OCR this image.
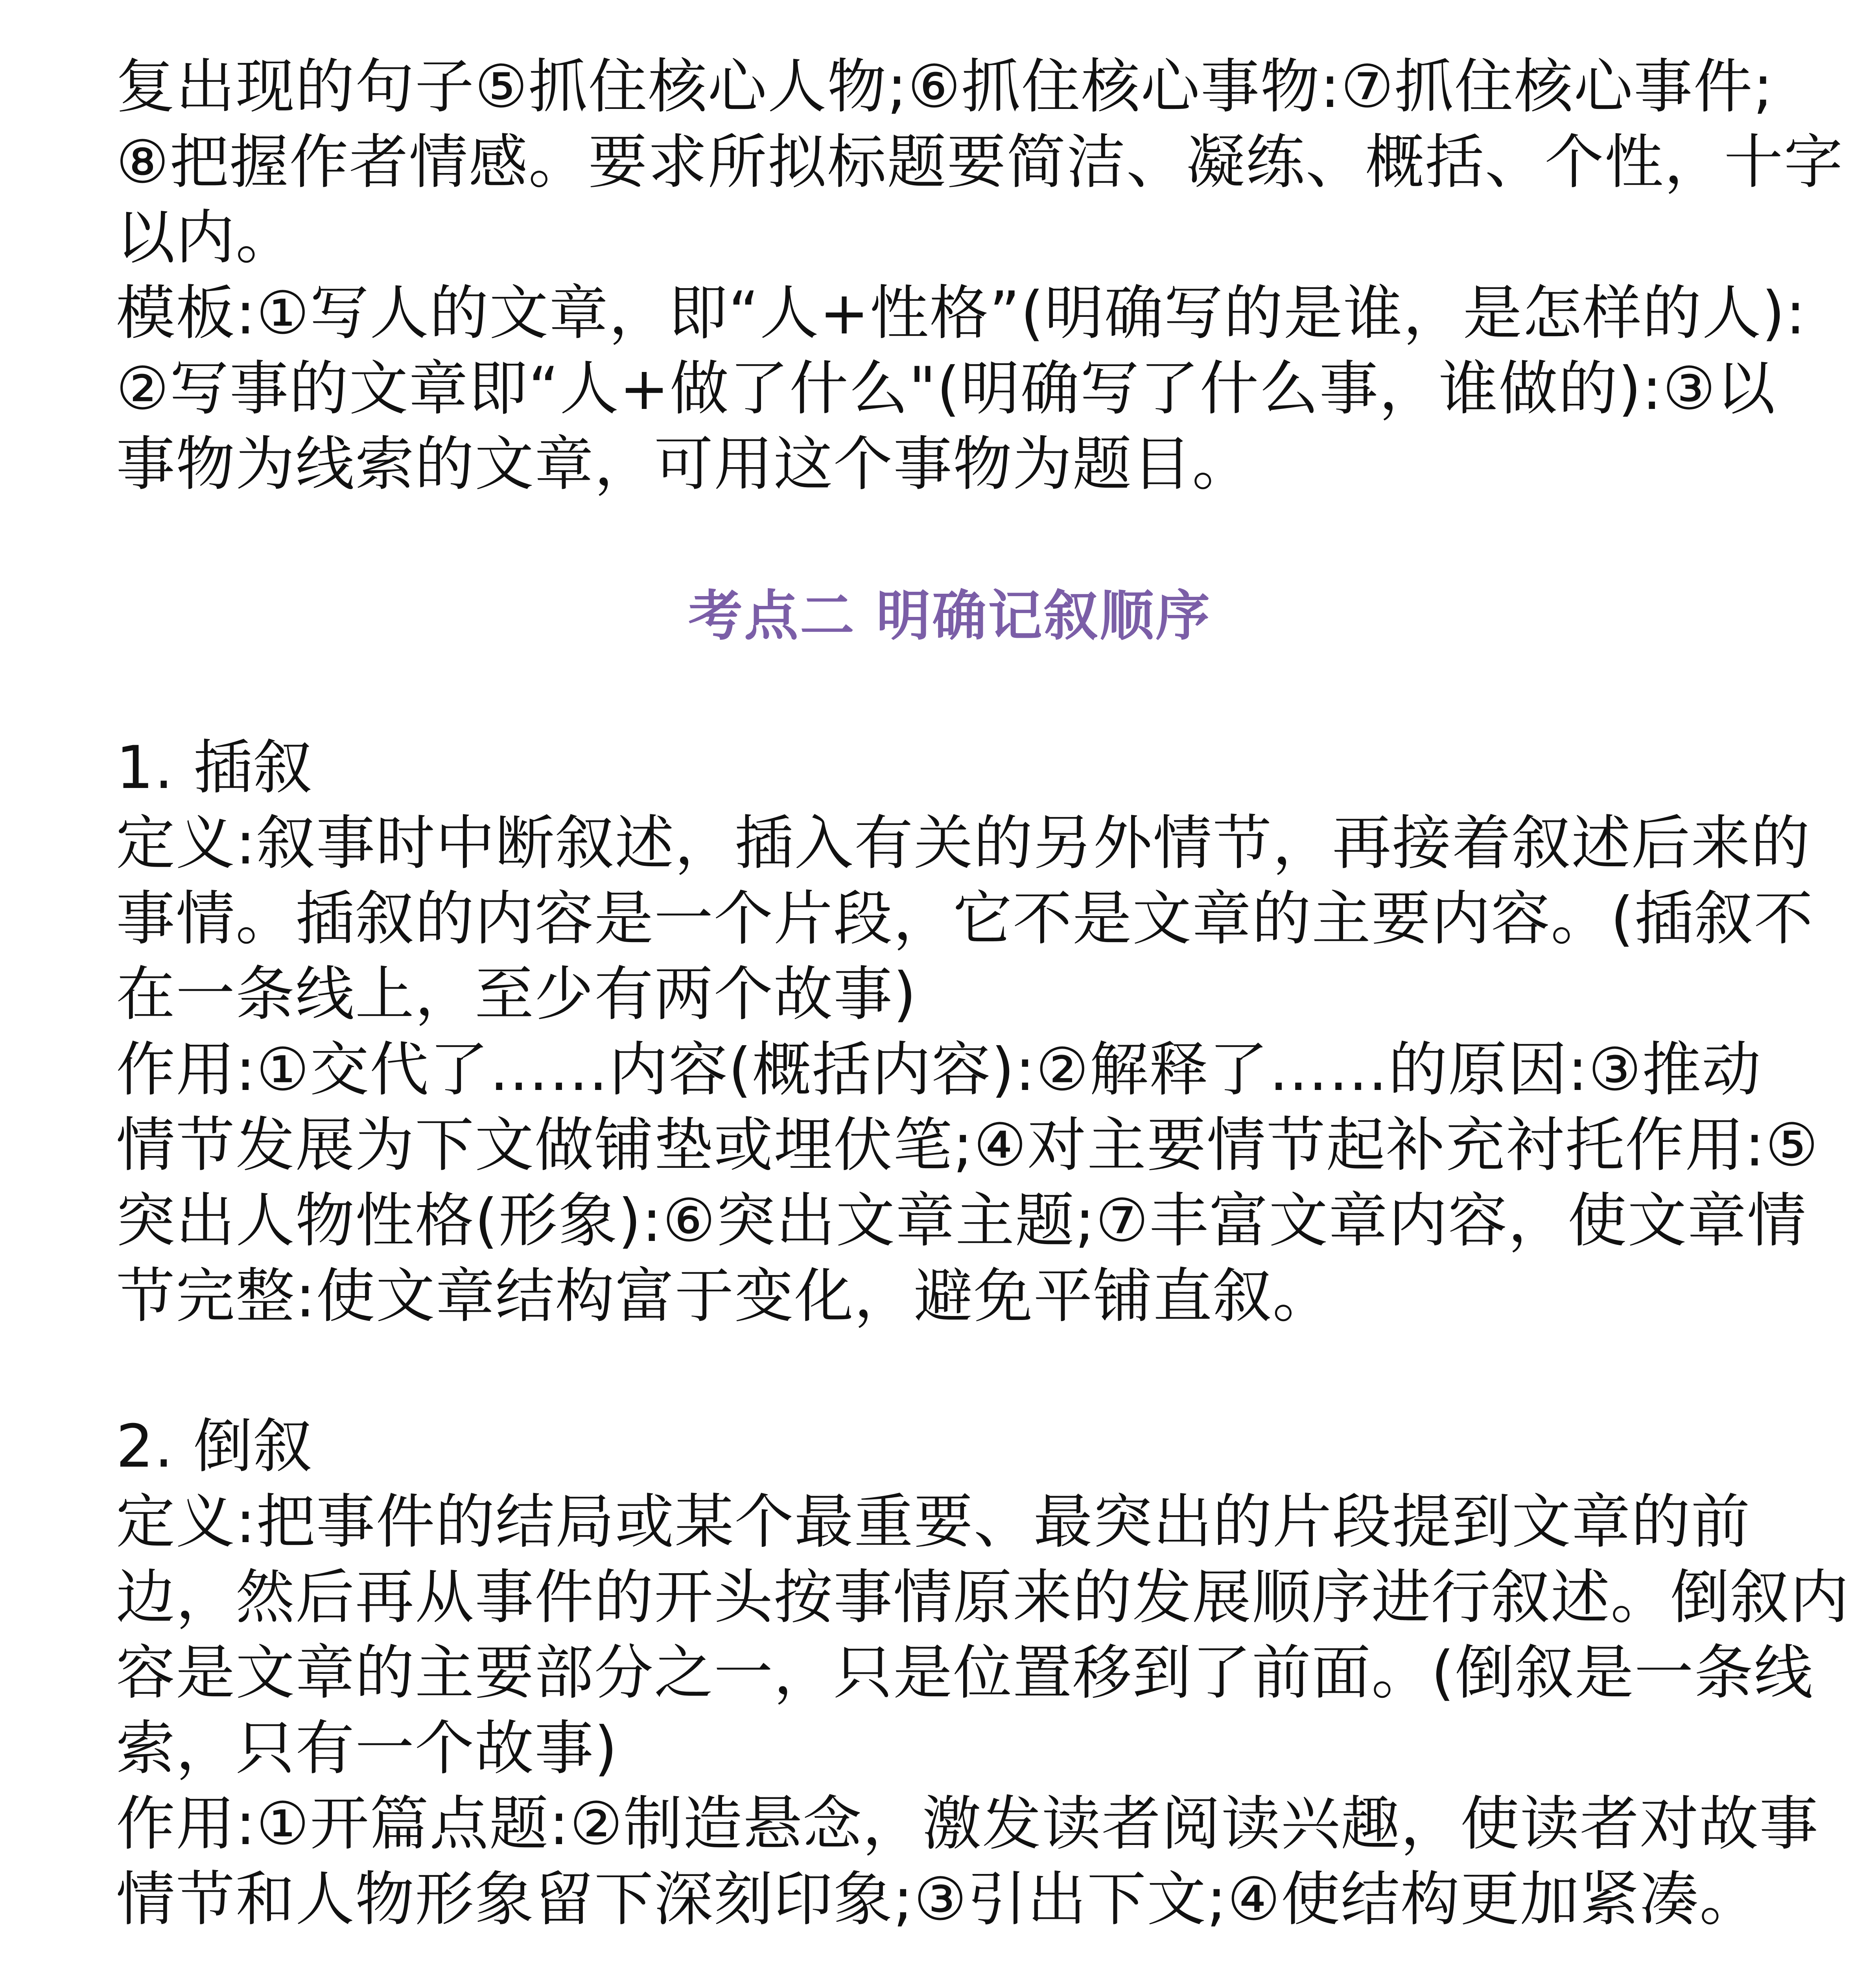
复出现的句子⑤抓住核心人物;⑥抓住核心事物:⑦抓住核心事件;
⑧把握作者情感。要求所拟标题要简洁、凝练、概括、个性，十字
以内。
模板:①写人的文章，即“人+性格”(明确写的是谁，是怎样的人):
②写事的文章即“人+做了什么"(明确写了什么事，谁做的):③以
事物为线索的文章，可用这个事物为题目。
考点二 明确记叙顺序
1. 插叙
定义:叙事时中断叙述，插入有关的另外情节，再接着叙述后来的
事情。插叙的内容是一个片段，它不是文章的主要内容。(插叙不
在一条线上，至少有两个故事)
作用:①交代了……内容(概括内容):②解释了……的原因:③推动
情节发展为下文做铺垫或埋伏笔;④对主要情节起补充衬托作用:⑤
突出人物性格(形象):⑥突出文章主题;⑦丰富文章内容，使文章情
节完整:使文章结构富于变化，避免平铺直叙。
2. 倒叙
定义:把事件的结局或某个最重要、最突出的片段提到文章的前
边，然后再从事件的开头按事情原来的发展顺序进行叙述。倒叙内
容是文章的主要部分之一，只是位置移到了前面。(倒叙是一条线
索，只有一个故事)
作用:①开篇点题:②制造悬念，激发读者阅读兴趣，使读者对故事
情节和人物形象留下深刻印象;③引出下文;④使结构更加紧凑。
